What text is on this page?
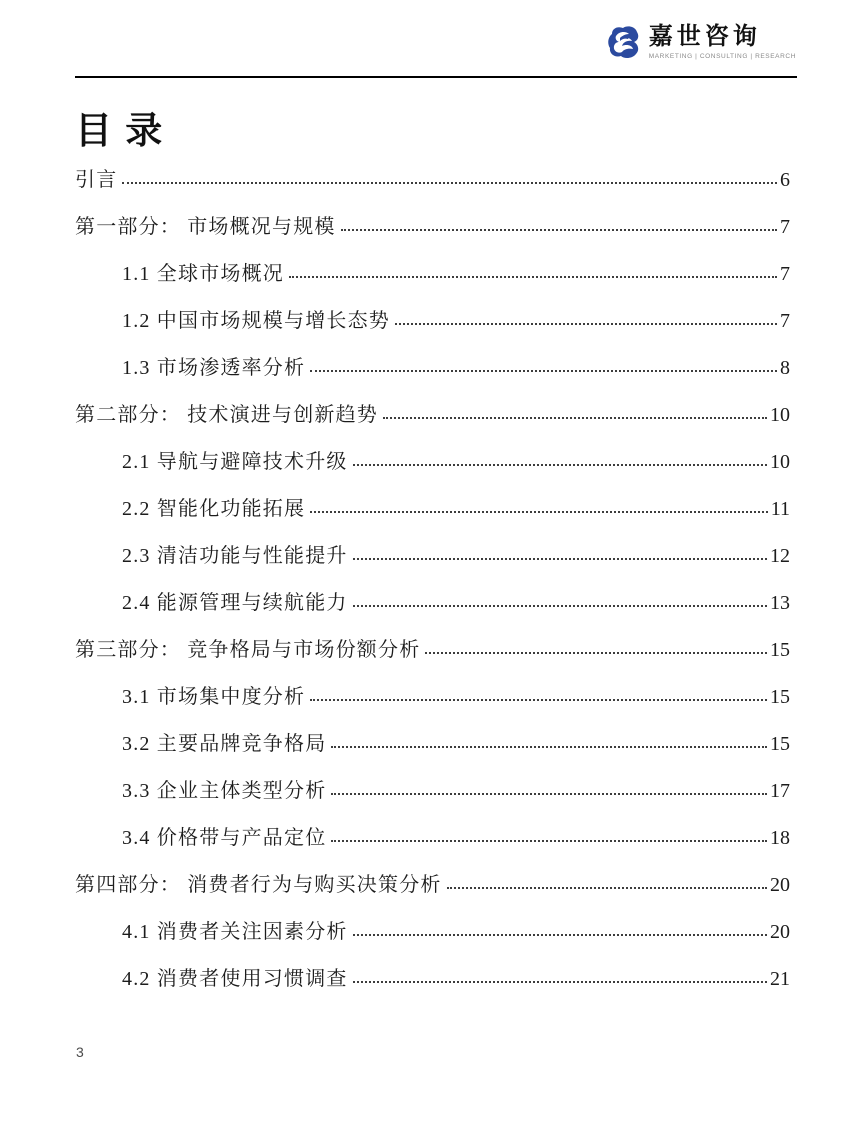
嘉世咨询
MARKETING | CONSULTING | RESEARCH
目 录
引言	6
第一部分： 市场概况与规模	7
1.1 全球市场概况	7
1.2 中国市场规模与增长态势	7
1.3 市场渗透率分析	8
第二部分： 技术演进与创新趋势	10
2.1 导航与避障技术升级	10
2.2 智能化功能拓展	11
2.3 清洁功能与性能提升	12
2.4 能源管理与续航能力	13
第三部分： 竞争格局与市场份额分析	15
3.1 市场集中度分析	15
3.2 主要品牌竞争格局	15
3.3 企业主体类型分析	17
3.4 价格带与产品定位	18
第四部分： 消费者行为与购买决策分析	20
4.1 消费者关注因素分析	20
4.2 消费者使用习惯调查	21
3
